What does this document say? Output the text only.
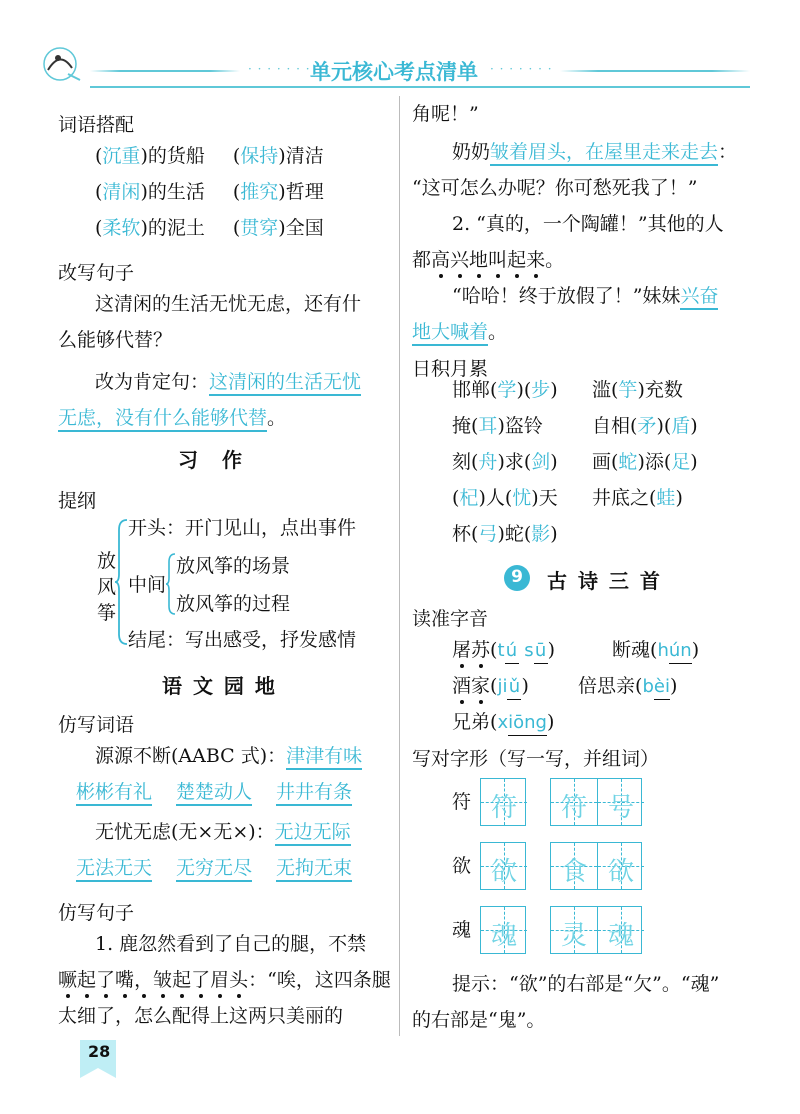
单元核心考点清单
· · · · · · ·	· · · · · · ·
词语搭配
(沉重)的货船 (保持)清洁
(清闲)的生活 (推究)哲理
(柔软)的泥土 (贯穿)全国
改写句子
这清闲的生活无忧无虑，还有什
么能够代替？
改为肯定句：这清闲的生活无忧
无虑，没有什么能够代替。
习　作
提纲
放
风
筝
开头：开门见山，点出事件
中间
放风筝的场景
放风筝的过程
结尾：写出感受，抒发感情
语 文 园 地
仿写词语
源源不断(AABC 式)：津津有味
彬彬有礼 楚楚动人 井井有条
无忧无虑(无×无×)：无边无际
无法无天 无穷无尽 无拘无束
仿写句子
1. 鹿忽然看到了自己的腿，不禁
噘起了嘴，皱起了眉头：“唉，这四条腿
太细了，怎么配得上这两只美丽的
28
角呢！”
奶奶皱着眉头，在屋里走来走去：
“这可怎么办呢？你可愁死我了！”
2. “真的，一个陶罐！”其他的人
都高兴地叫起来。
“哈哈！终于放假了！”妹妹兴奋
地大喊着。
日积月累
邯郸(学)(步) 滥(竽)充数
掩(耳)盗铃	自相(矛)(盾)
刻(舟)求(剑) 画(蛇)添(足)
(杞)人(忧)天 井底之(蛙)
杯(弓)蛇(影)
9	古 诗 三 首
读准字音
屠苏(tú sū)	断魂(hún)
酒家(jiǔ)	倍思亲(bèi)
兄弟(xiōng)
写对字形（写一写，并组词）
符 符	符 号
欲 欲	食 欲
魂 魂	灵 魂
提示：“欲”的右部是“欠”。“魂”
的右部是“鬼”。
